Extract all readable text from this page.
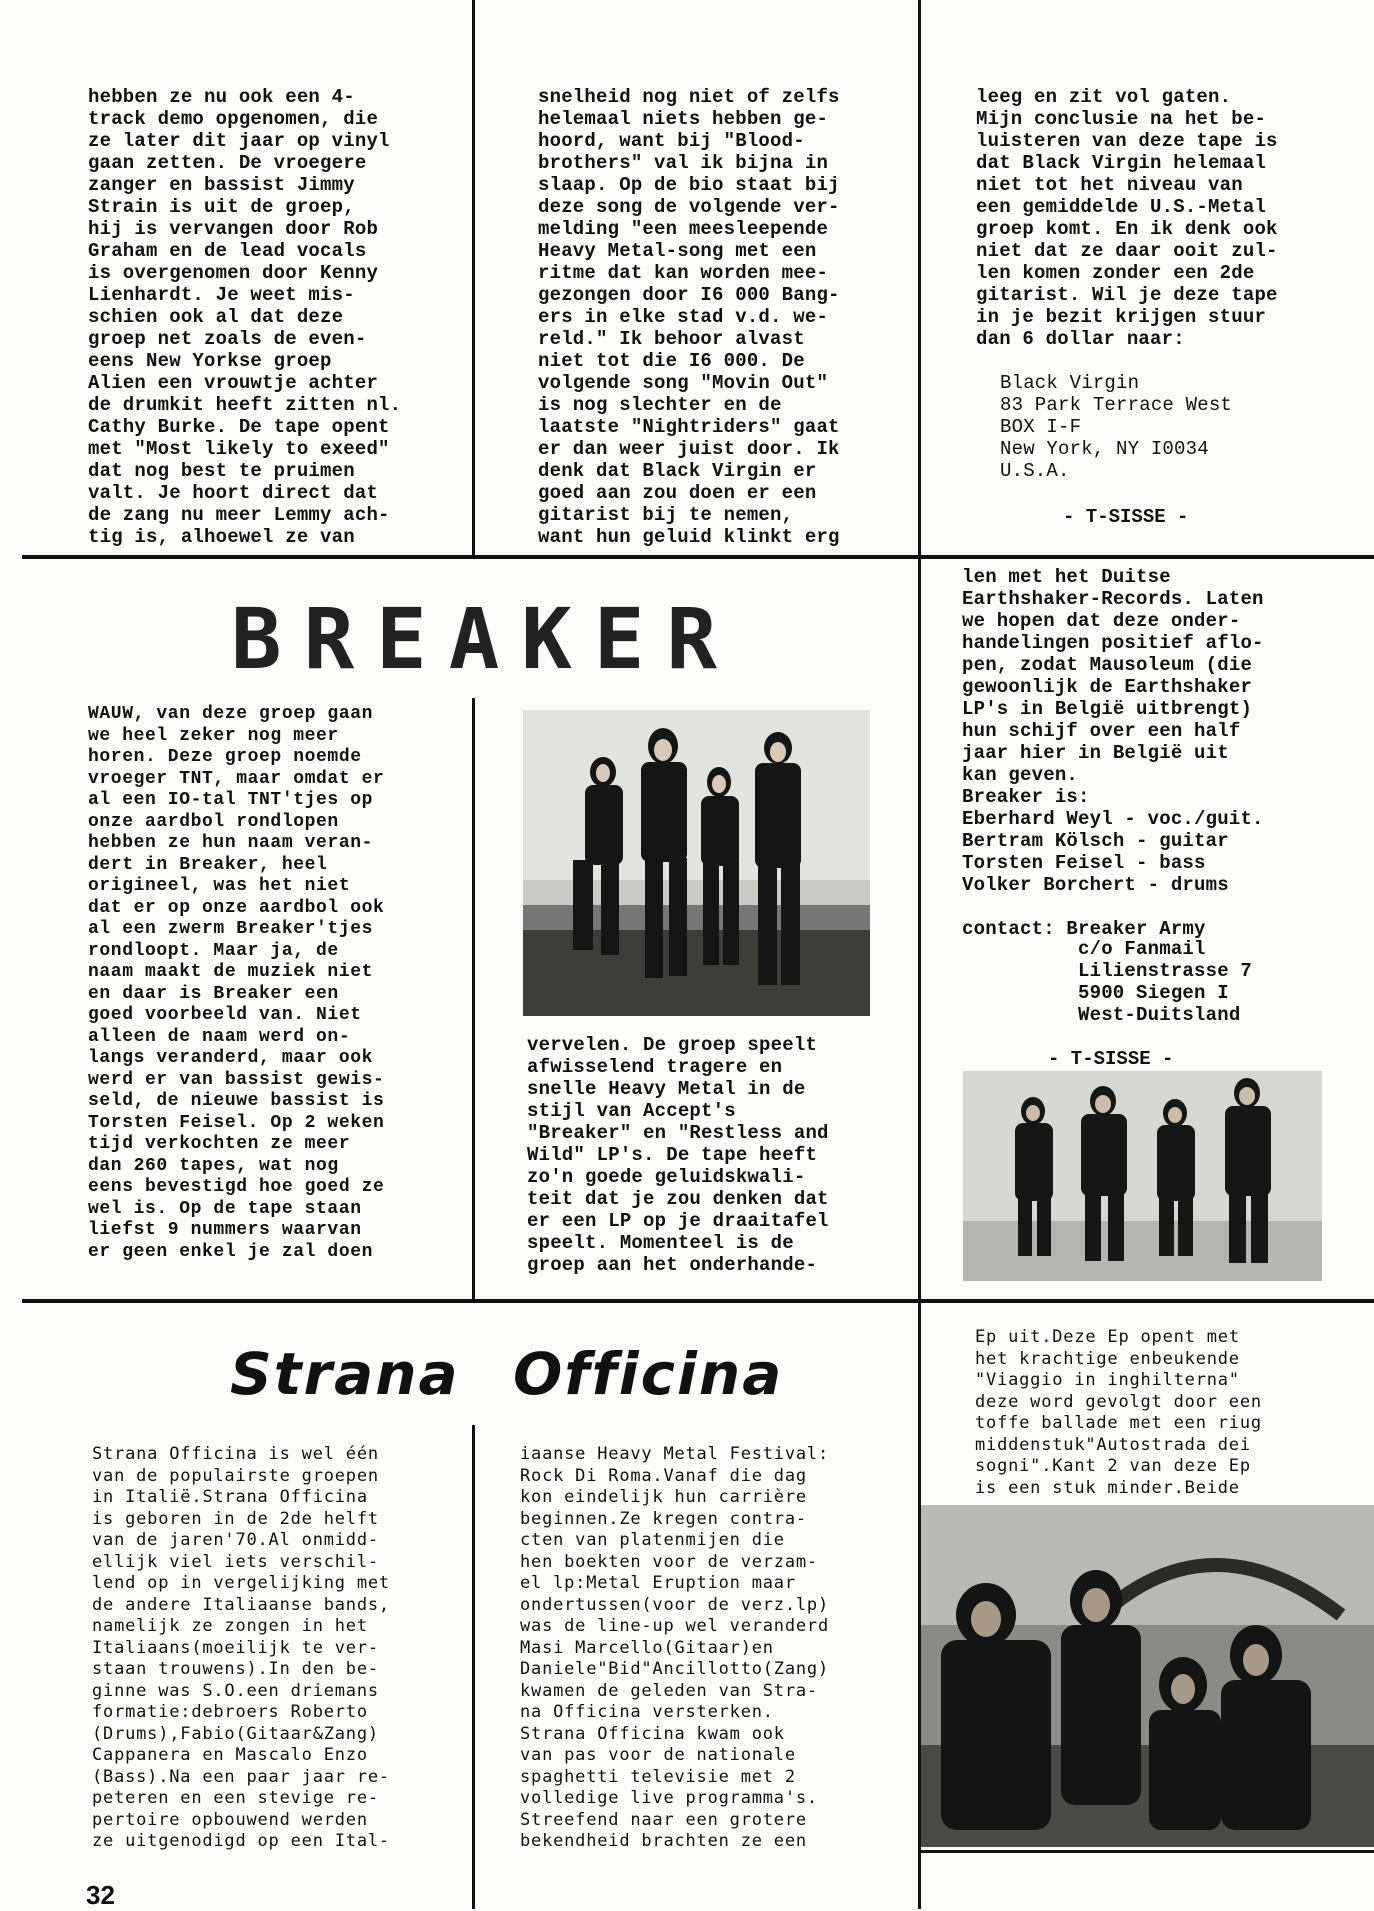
hebben ze nu ook een 4-
track demo opgenomen, die
ze later dit jaar op vinyl
gaan zetten. De vroegere
zanger en bassist Jimmy
Strain is uit de groep,
hij is vervangen door Rob
Graham en de lead vocals
is overgenomen door Kenny
Lienhardt. Je weet mis-
schien ook al dat deze
groep net zoals de even-
eens New Yorkse groep
Alien een vrouwtje achter
de drumkit heeft zitten nl.
Cathy Burke. De tape opent
met "Most likely to exeed"
dat nog best te pruimen
valt. Je hoort direct dat
de zang nu meer Lemmy ach-
tig is, alhoewel ze van
snelheid nog niet of zelfs
helemaal niets hebben ge-
hoord, want bij "Blood-
brothers" val ik bijna in
slaap. Op de bio staat bij
deze song de volgende ver-
melding "een meesleepende
Heavy Metal-song met een
ritme dat kan worden mee-
gezongen door I6 000 Bang-
ers in elke stad v.d. we-
reld." Ik behoor alvast
niet tot die I6 000. De
volgende song "Movin Out"
is nog slechter en de
laatste "Nightriders" gaat
er dan weer juist door. Ik
denk dat Black Virgin er
goed aan zou doen er een
gitarist bij te nemen,
want hun geluid klinkt erg
leeg en zit vol gaten.
Mijn conclusie na het be-
luisteren van deze tape is
dat Black Virgin helemaal
niet tot het niveau van
een gemiddelde U.S.-Metal
groep komt. En ik denk ook
niet dat ze daar ooit zul-
len komen zonder een 2de
gitarist. Wil je deze tape
in je bezit krijgen stuur
dan 6 dollar naar:
Black Virgin
83 Park Terrace West
BOX I-F
New York, NY I0034
U.S.A.
- T-SISSE -
BREAKER
WAUW, van deze groep gaan
we heel zeker nog meer
horen. Deze groep noemde
vroeger TNT, maar omdat er
al een IO-tal TNT'tjes op
onze aardbol rondlopen
hebben ze hun naam veran-
dert in Breaker, heel
origineel, was het niet
dat er op onze aardbol ook
al een zwerm Breaker'tjes
rondloopt. Maar ja, de
naam maakt de muziek niet
en daar is Breaker een
goed voorbeeld van. Niet
alleen de naam werd on-
langs veranderd, maar ook
werd er van bassist gewis-
seld, de nieuwe bassist is
Torsten Feisel. Op 2 weken
tijd verkochten ze meer
dan 260 tapes, wat nog
eens bevestigd hoe goed ze
wel is. Op de tape staan
liefst 9 nummers waarvan
er geen enkel je zal doen
vervelen. De groep speelt
afwisselend tragere en
snelle Heavy Metal in de
stijl van Accept's
"Breaker" en "Restless and
Wild" LP's. De tape heeft
zo'n goede geluidskwali-
teit dat je zou denken dat
er een LP op je draaitafel
speelt. Momenteel is de
groep aan het onderhande-
len met het Duitse
Earthshaker-Records. Laten
we hopen dat deze onder-
handelingen positief aflo-
pen, zodat Mausoleum (die
gewoonlijk de Earthshaker
LP's in België uitbrengt)
hun schijf over een half
jaar hier in België uit
kan geven.
Breaker is:
Eberhard Weyl - voc./guit.
Bertram Kölsch - guitar
Torsten Feisel - bass
Volker Borchert - drums
contact: Breaker Army
c/o Fanmail
Lilienstrasse 7
5900 Siegen I
West-Duitsland
- T-SISSE -
Strana Officina
Strana Officina is wel één
van de populairste groepen
in Italië.Strana Officina
is geboren in de 2de helft
van de jaren'70.Al onmidd-
ellijk viel iets verschil-
lend op in vergelijking met
de andere Italiaanse bands,
namelijk ze zongen in het
Italiaans(moeilijk te ver-
staan trouwens).In den be-
ginne was S.O.een driemans
formatie:debroers Roberto
(Drums),Fabio(Gitaar&Zang)
Cappanera en Mascalo Enzo
(Bass).Na een paar jaar re-
peteren en een stevige re-
pertoire opbouwend werden
ze uitgenodigd op een Ital-
iaanse Heavy Metal Festival:
Rock Di Roma.Vanaf die dag
kon eindelijk hun carrière
beginnen.Ze kregen contra-
cten van platenmijen die
hen boekten voor de verzam-
el lp:Metal Eruption maar
ondertussen(voor de verz.lp)
was de line-up wel veranderd
Masi Marcello(Gitaar)en
Daniele"Bid"Ancillotto(Zang)
kwamen de geleden van Stra-
na Officina versterken.
Strana Officina kwam ook
van pas voor de nationale
spaghetti televisie met 2
volledige live programma's.
Streefend naar een grotere
bekendheid brachten ze een
Ep uit.Deze Ep opent met
het krachtige enbeukende
"Viaggio in inghilterna"
deze word gevolgt door een
toffe ballade met een riug
middenstuk"Autostrada dei
sogni".Kant 2 van deze Ep
is een stuk minder.Beide
32
